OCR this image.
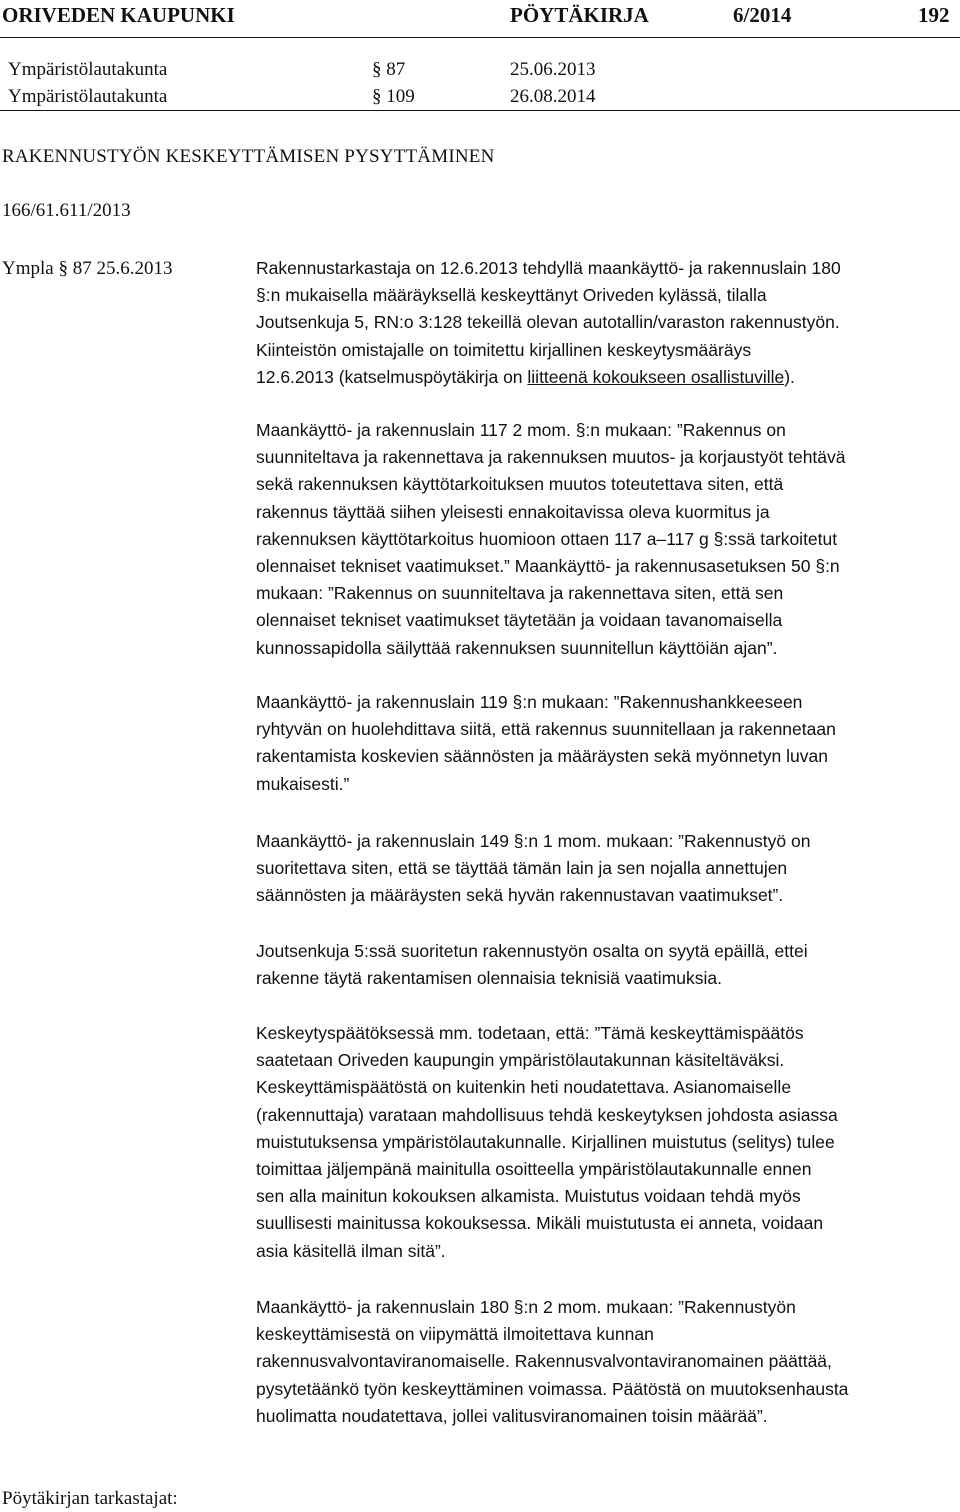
ORIVEDEN KAUPUNKI	PÖYTÄKIRJA	6/2014	192
Ympäristölautakunta	§ 87	25.06.2013
Ympäristölautakunta	§ 109	26.08.2014
RAKENNUSTYÖN KESKEYTTÄMISEN PYSYTTÄMINEN
166/61.611/2013
Ympla § 87 25.6.2013	Rakennustarkastaja on 12.6.2013 tehdyllä maankäyttö- ja rakennuslain 180
§:n mukaisella määräyksellä keskeyttänyt Oriveden kylässä, tilalla
Joutsenkuja 5, RN:o 3:128 tekeillä olevan autotallin/varaston rakennustyön.
Kiinteistön omistajalle on toimitettu kirjallinen keskeytysmääräys
12.6.2013 (katselmuspöytäkirja on liitteenä kokoukseen osallistuville).
Maankäyttö- ja rakennuslain 117 2 mom. §:n mukaan: ”Rakennus on
suunniteltava ja rakennettava ja rakennuksen muutos- ja korjaustyöt tehtävä
sekä rakennuksen käyttötarkoituksen muutos toteutettava siten, että
rakennus täyttää siihen yleisesti ennakoitavissa oleva kuormitus ja
rakennuksen käyttötarkoitus huomioon ottaen 117 a–117 g §:ssä tarkoitetut
olennaiset tekniset vaatimukset.” Maankäyttö- ja rakennusasetuksen 50 §:n
mukaan: ”Rakennus on suunniteltava ja rakennettava siten, että sen
olennaiset tekniset vaatimukset täytetään ja voidaan tavanomaisella
kunnossapidolla säilyttää rakennuksen suunnitellun käyttöiän ajan”.
Maankäyttö- ja rakennuslain 119 §:n mukaan: ”Rakennushankkeeseen
ryhtyvän on huolehdittava siitä, että rakennus suunnitellaan ja rakennetaan
rakentamista koskevien säännösten ja määräysten sekä myönnetyn luvan
mukaisesti.”
Maankäyttö- ja rakennuslain 149 §:n 1 mom. mukaan: ”Rakennustyö on
suoritettava siten, että se täyttää tämän lain ja sen nojalla annettujen
säännösten ja määräysten sekä hyvän rakennustavan vaatimukset”.
Joutsenkuja 5:ssä suoritetun rakennustyön osalta on syytä epäillä, ettei
rakenne täytä rakentamisen olennaisia teknisiä vaatimuksia.
Keskeytyspäätöksessä mm. todetaan, että: ”Tämä keskeyttämispäätös
saatetaan Oriveden kaupungin ympäristölautakunnan käsiteltäväksi.
Keskeyttämispäätöstä on kuitenkin heti noudatettava. Asianomaiselle
(rakennuttaja) varataan mahdollisuus tehdä keskeytyksen johdosta asiassa
muistutuksensa ympäristölautakunnalle. Kirjallinen muistutus (selitys) tulee
toimittaa jäljempänä mainitulla osoitteella ympäristölautakunnalle ennen
sen alla mainitun kokouksen alkamista. Muistutus voidaan tehdä myös
suullisesti mainitussa kokouksessa. Mikäli muistutusta ei anneta, voidaan
asia käsitellä ilman sitä”.
Maankäyttö- ja rakennuslain 180 §:n 2 mom. mukaan: ”Rakennustyön
keskeyttämisestä on viipymättä ilmoitettava kunnan
rakennusvalvontaviranomaiselle. Rakennusvalvontaviranomainen päättää,
pysytetäänkö työn keskeyttäminen voimassa. Päätöstä on muutoksenhausta
huolimatta noudatettava, jollei valitusviranomainen toisin määrää”.
Pöytäkirjan tarkastajat:
